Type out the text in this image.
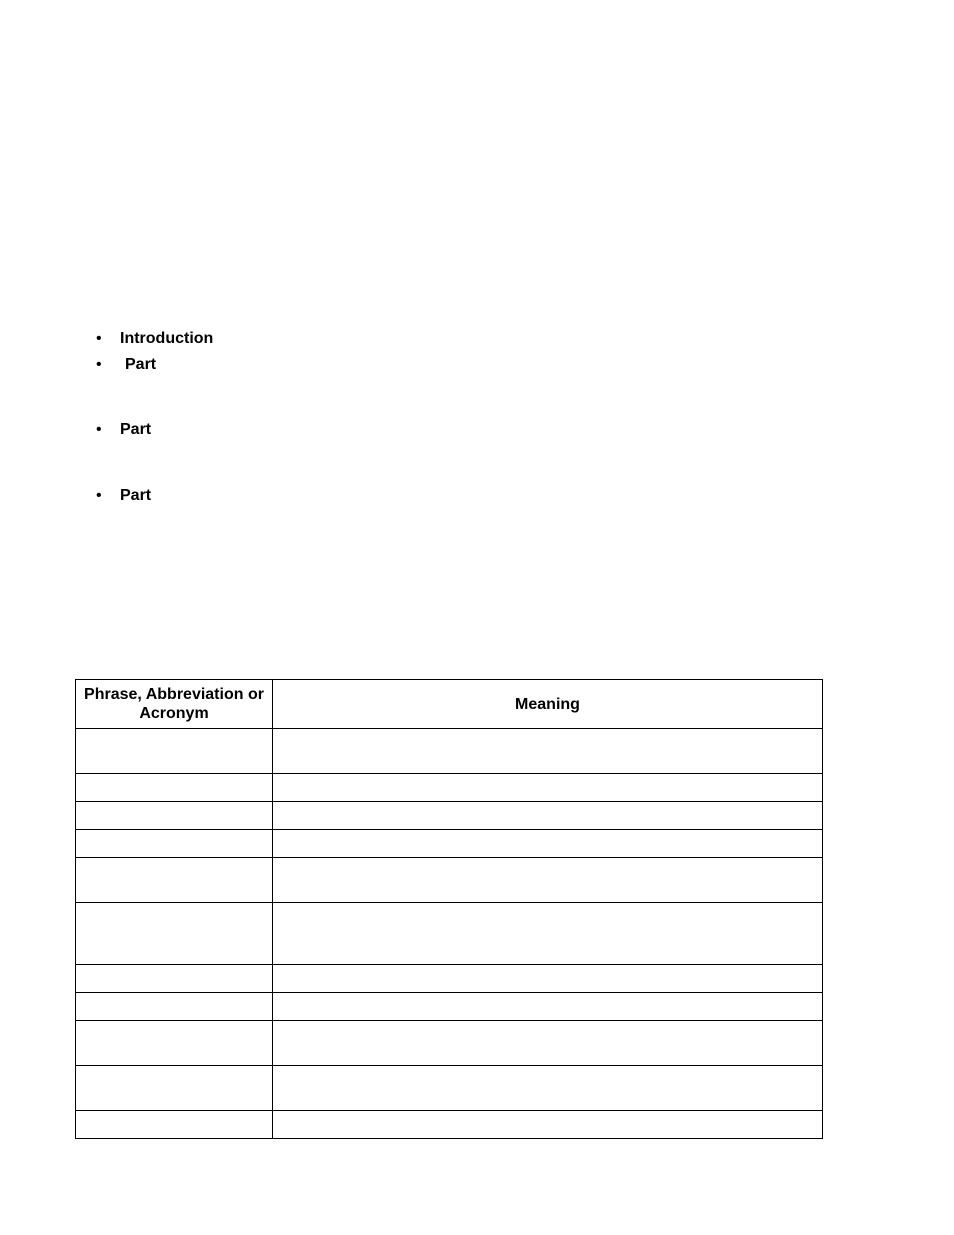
•Introduction
•Part
•Part
•Part
Phrase, Abbreviation or Acronym	Meaning
